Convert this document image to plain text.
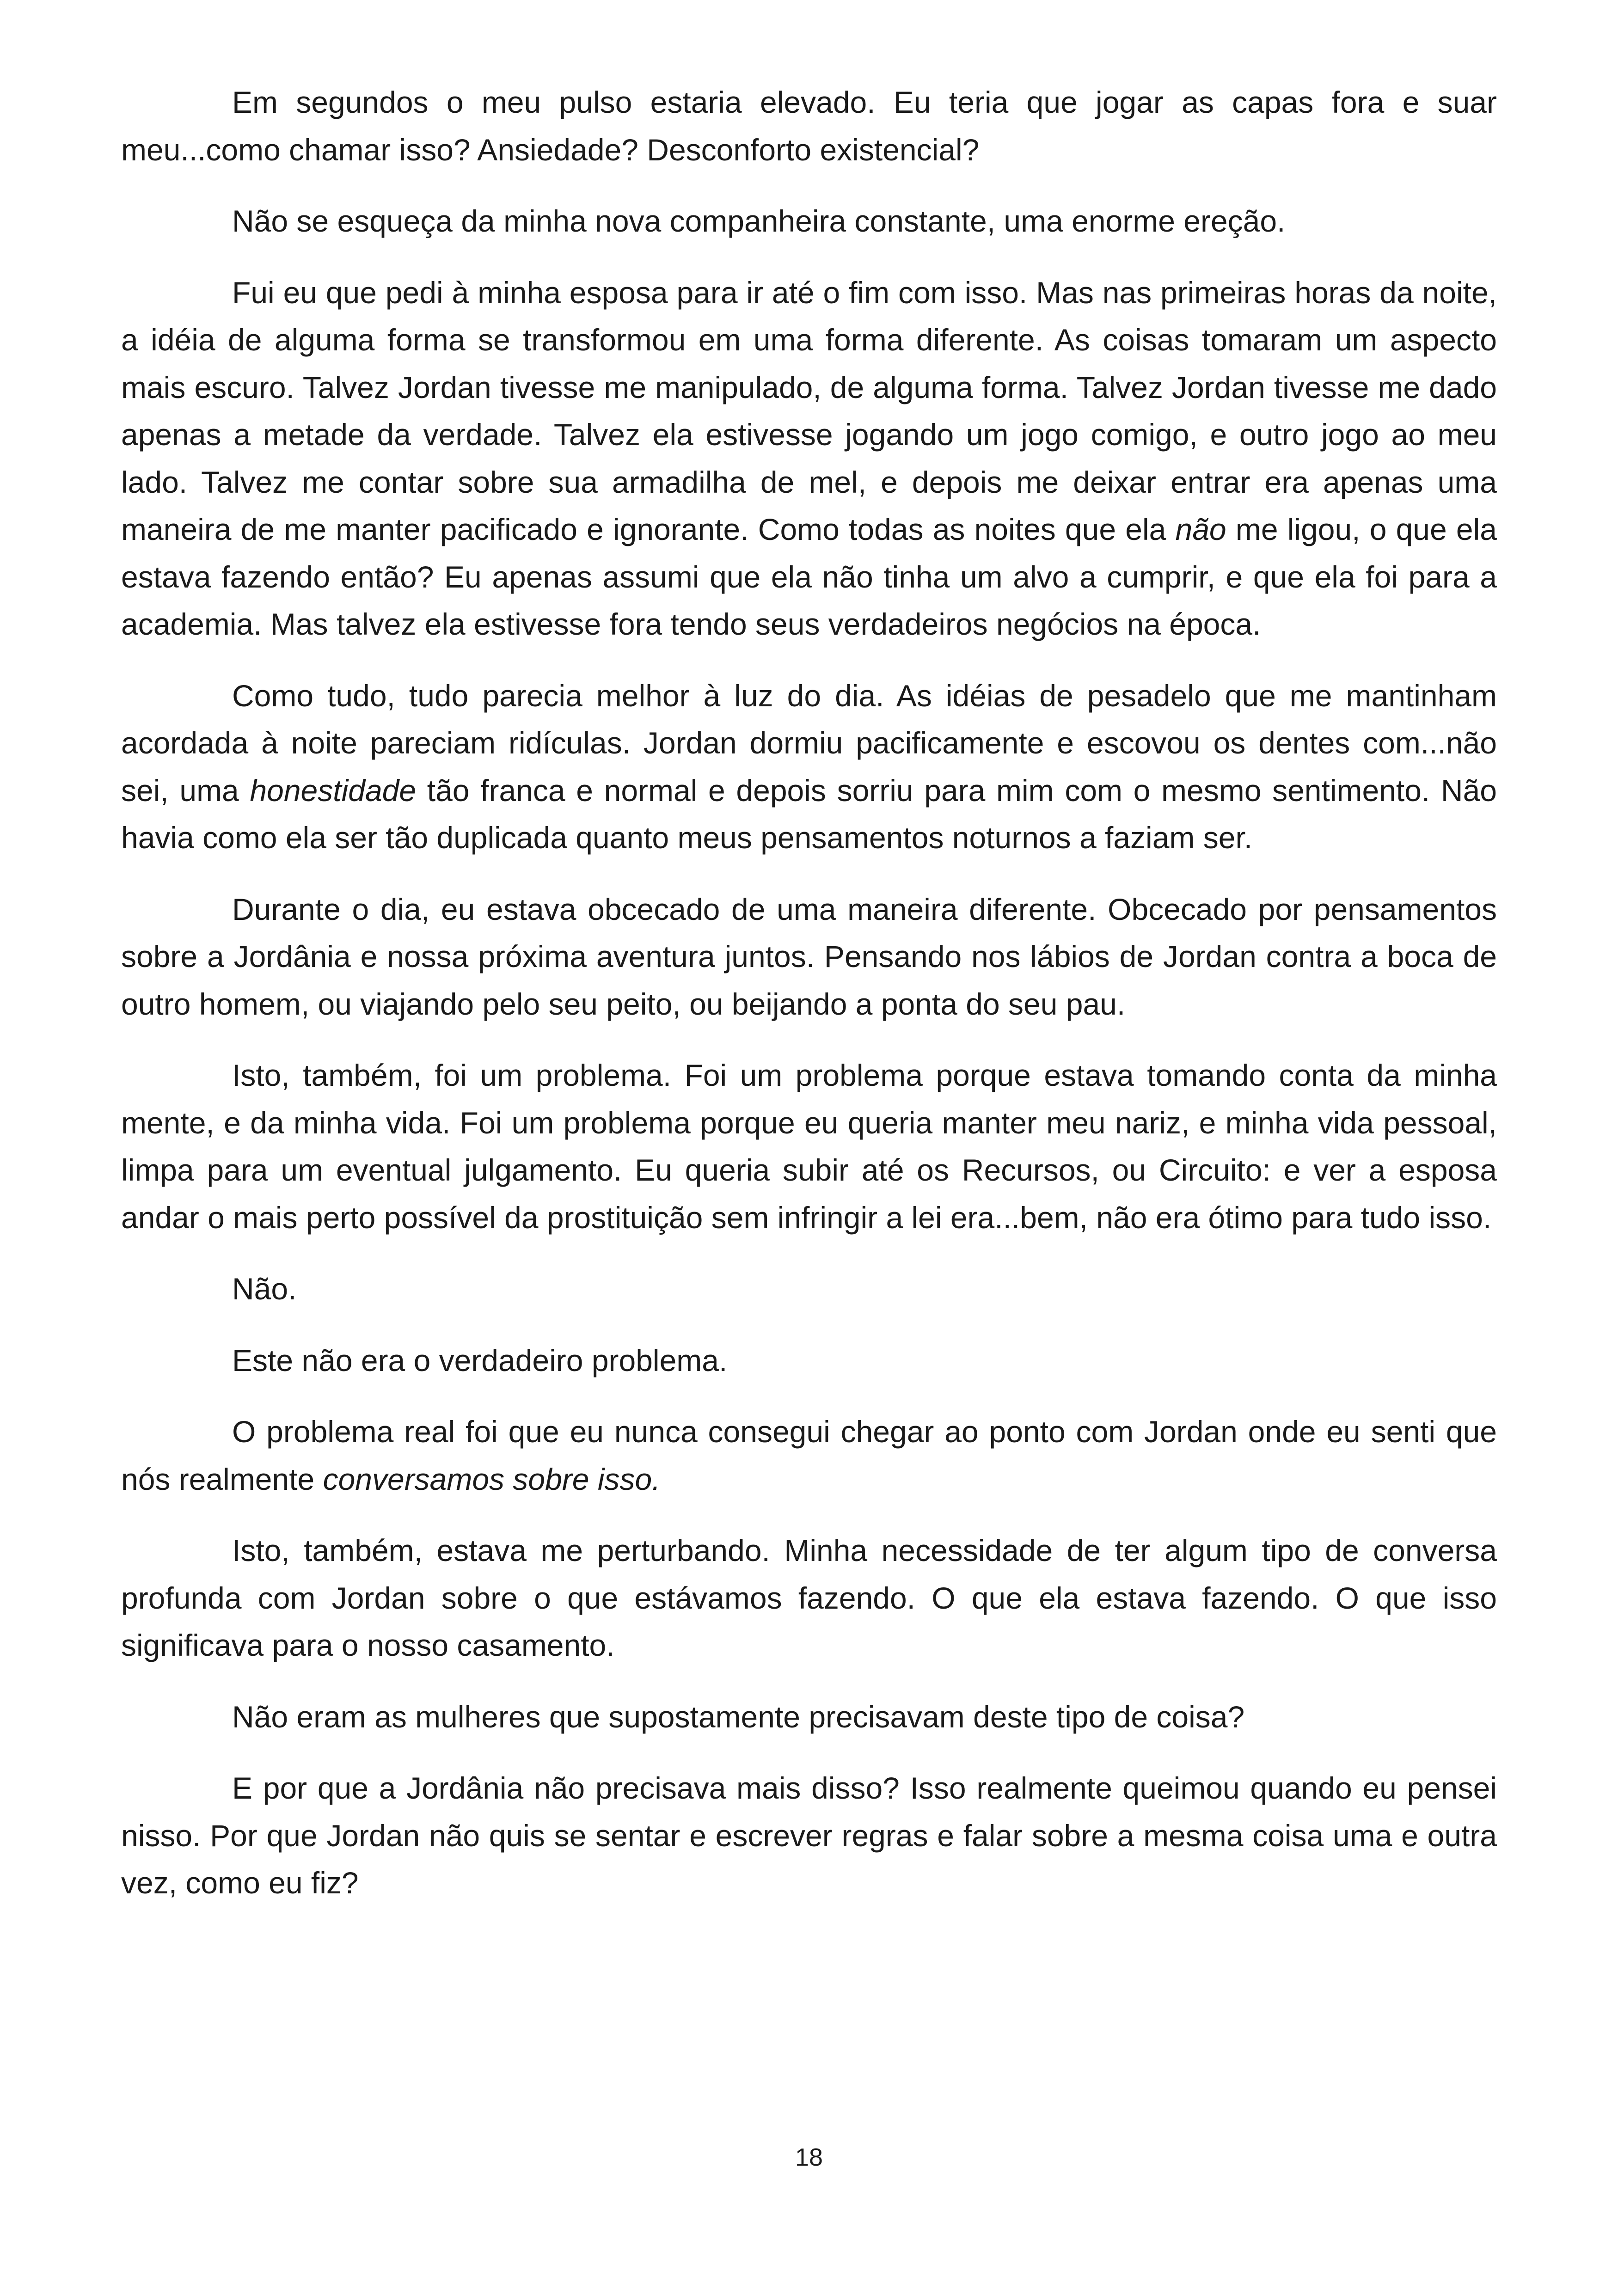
Em segundos o meu pulso estaria elevado. Eu teria que jogar as capas fora e suar meu...como chamar isso? Ansiedade? Desconforto existencial?

Não se esqueça da minha nova companheira constante, uma enorme ereção.

Fui eu que pedi à minha esposa para ir até o fim com isso. Mas nas primeiras horas da noite, a idéia de alguma forma se transformou em uma forma diferente. As coisas tomaram um aspecto mais escuro. Talvez Jordan tivesse me manipulado, de alguma forma. Talvez Jordan tivesse me dado apenas a metade da verdade. Talvez ela estivesse jogando um jogo comigo, e outro jogo ao meu lado. Talvez me contar sobre sua armadilha de mel, e depois me deixar entrar era apenas uma maneira de me manter pacificado e ignorante. Como todas as noites que ela não me ligou, o que ela estava fazendo então? Eu apenas assumi que ela não tinha um alvo a cumprir, e que ela foi para a academia. Mas talvez ela estivesse fora tendo seus verdadeiros negócios na época.

Como tudo, tudo parecia melhor à luz do dia. As idéias de pesadelo que me mantinham acordada à noite pareciam ridículas. Jordan dormiu pacificamente e escovou os dentes com...não sei, uma honestidade tão franca e normal e depois sorriu para mim com o mesmo sentimento. Não havia como ela ser tão duplicada quanto meus pensamentos noturnos a faziam ser.

Durante o dia, eu estava obcecado de uma maneira diferente. Obcecado por pensamentos sobre a Jordânia e nossa próxima aventura juntos. Pensando nos lábios de Jordan contra a boca de outro homem, ou viajando pelo seu peito, ou beijando a ponta do seu pau.

Isto, também, foi um problema. Foi um problema porque estava tomando conta da minha mente, e da minha vida. Foi um problema porque eu queria manter meu nariz, e minha vida pessoal, limpa para um eventual julgamento. Eu queria subir até os Recursos, ou Circuito: e ver a esposa andar o mais perto possível da prostituição sem infringir a lei era...bem, não era ótimo para tudo isso.

Não.

Este não era o verdadeiro problema.

O problema real foi que eu nunca consegui chegar ao ponto com Jordan onde eu senti que nós realmente conversamos sobre isso.

Isto, também, estava me perturbando. Minha necessidade de ter algum tipo de conversa profunda com Jordan sobre o que estávamos fazendo. O que ela estava fazendo. O que isso significava para o nosso casamento.

Não eram as mulheres que supostamente precisavam deste tipo de coisa?

E por que a Jordânia não precisava mais disso? Isso realmente queimou quando eu pensei nisso. Por que Jordan não quis se sentar e escrever regras e falar sobre a mesma coisa uma e outra vez, como eu fiz?

18
